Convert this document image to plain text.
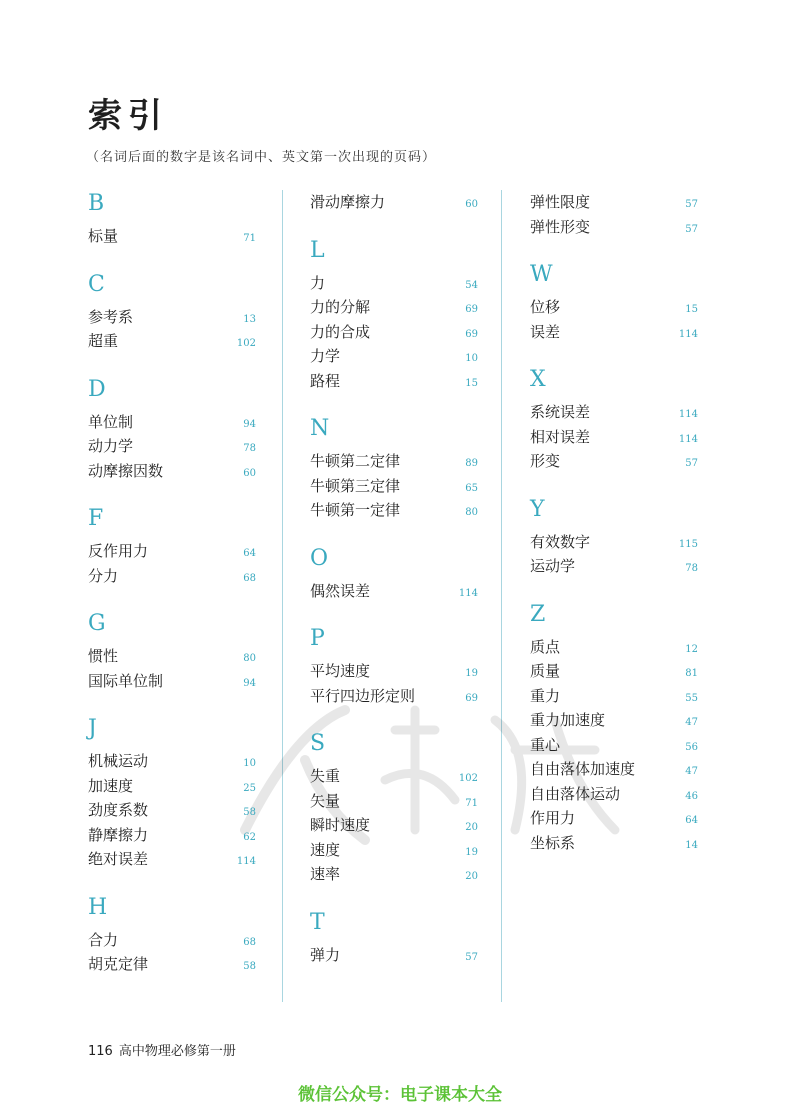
索引
（名词后面的数字是该名词中、英文第一次出现的页码）
B
标量	71
C
参考系	13
超重	102
D
单位制	94
动力学	78
动摩擦因数	60
F
反作用力	64
分力	68
G
惯性	80
国际单位制	94
J
机械运动	10
加速度	25
劲度系数	58
静摩擦力	62
绝对误差	114
H
合力	68
胡克定律	58
滑动摩擦力	60
L
力	54
力的分解	69
力的合成	69
力学	10
路程	15
N
牛顿第二定律	89
牛顿第三定律	65
牛顿第一定律	80
O
偶然误差	114
P
平均速度	19
平行四边形定则	69
S
失重	102
矢量	71
瞬时速度	20
速度	19
速率	20
T
弹力	57
弹性限度	57
弹性形变	57
W
位移	15
误差	114
X
系统误差	114
相对误差	114
形变	57
Y
有效数字	115
运动学	78
Z
质点	12
质量	81
重力	55
重力加速度	47
重心	56
自由落体加速度	47
自由落体运动	46
作用力	64
坐标系	14
116 高中物理必修第一册
微信公众号：电子课本大全
